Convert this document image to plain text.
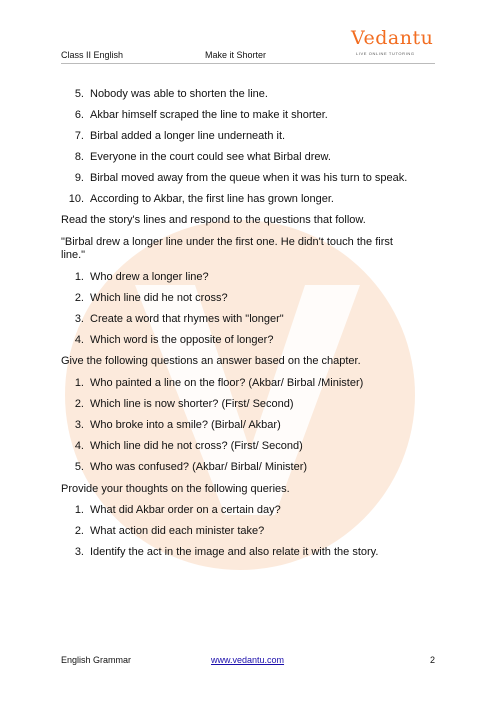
Class II English	Make it Shorter
Vedantu
LIVE ONLINE TUTORING
5. Nobody was able to shorten the line.
6. Akbar himself scraped the line to make it shorter.
7. Birbal added a longer line underneath it.
8. Everyone in the court could see what Birbal drew.
9. Birbal moved away from the queue when it was his turn to speak.
10. According to Akbar, the first line has grown longer.
Read the story's lines and respond to the questions that follow.
"Birbal drew a longer line under the first one. He didn't touch the first
line."
1. Who drew a longer line?
2. Which line did he not cross?
3. Create a word that rhymes with "longer"
4. Which word is the opposite of longer?
Give the following questions an answer based on the chapter.
1. Who painted a line on the floor? (Akbar/ Birbal /Minister)
2. Which line is now shorter? (First/ Second)
3. Who broke into a smile? (Birbal/ Akbar)
4. Which line did he not cross? (First/ Second)
5. Who was confused? (Akbar/ Birbal/ Minister)
Provide your thoughts on the following queries.
1. What did Akbar order on a certain day?
2. What action did each minister take?
3. Identify the act in the image and also relate it with the story.
English Grammar	www.vedantu.com	2
